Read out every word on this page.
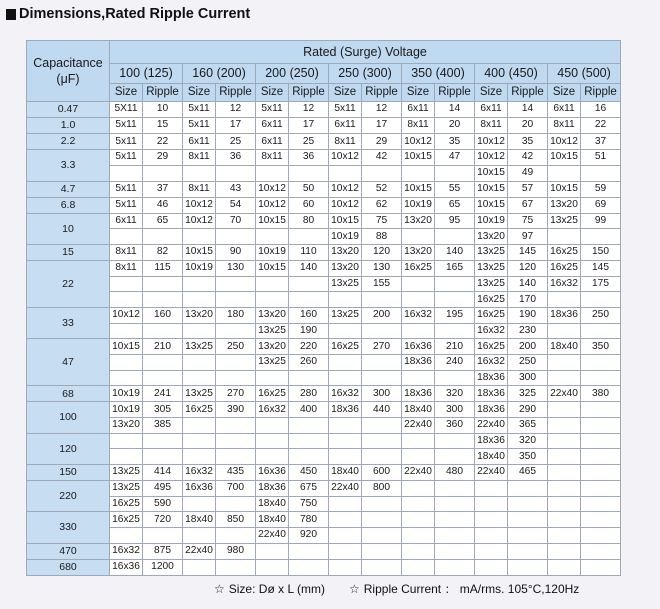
Dimensions,Rated Ripple Current
Capacitance
(μF)	Rated (Surge) Voltage													
	100 (125)		160 (200)		200 (250)		250 (300)		350 (400)		400 (450)		450 (500)	
	Size	Ripple	Size	Ripple	Size	Ripple	Size	Ripple	Size	Ripple	Size	Ripple	Size	Ripple
0.47	5X11	10	5x11	12	5x11	12	5x11	12	6x11	14	6x11	14	6x11	16
1.0	5x11	15	5x11	17	6x11	17	6x11	17	8x11	20	8x11	20	8x11	22
2.2	5x11	22	6x11	25	6x11	25	8x11	29	10x12	35	10x12	35	10x12	37
3.3	5x11	29	8x11	36	8x11	36	10x12	42	10x15	47	10x12	42	10x15	51
											10x15	49		
4.7	5x11	37	8x11	43	10x12	50	10x12	52	10x15	55	10x15	57	10x15	59
6.8	5x11	46	10x12	54	10x12	60	10x12	62	10x19	65	10x15	67	13x20	69
10	6x11	65	10x12	70	10x15	80	10x15	75	13x20	95	10x19	75	13x25	99
							10x19	88			13x20	97		
15	8x11	82	10x15	90	10x19	110	13x20	120	13x20	140	13x25	145	16x25	150
22	8x11	115	10x19	130	10x15	140	13x20	130	16x25	165	13x25	120	16x25	145
							13x25	155			13x25	140	16x32	175
											16x25	170		
33	10x12	160	13x20	180	13x20	160	13x25	200	16x32	195	16x25	190	18x36	250
					13x25	190					16x32	230		
47	10x15	210	13x25	250	13x20	220	16x25	270	16x36	210	16x25	200	18x40	350
					13x25	260			18x36	240	16x32	250		
											18x36	300		
68	10x19	241	13x25	270	16x25	280	16x32	300	18x36	320	18x36	325	22x40	380
100	10x19	305	16x25	390	16x32	400	18x36	440	18x40	300	18x36	290		
	13x20	385							22x40	360	22x40	365		
120											18x36	320		
											18x40	350		
150	13x25	414	16x32	435	16x36	450	18x40	600	22x40	480	22x40	465		
220	13x25	495	16x36	700	18x36	675	22x40	800						
	16x25	590			18x40	750								
330	16x25	720	18x40	850	18x40	780								
					22x40	920								
470	16x32	875	22x40	980										
680	16x36	1200												
☆ Size: Dø x L (mm) ☆ Ripple Current ： mA/rms. 105°C,120Hz
